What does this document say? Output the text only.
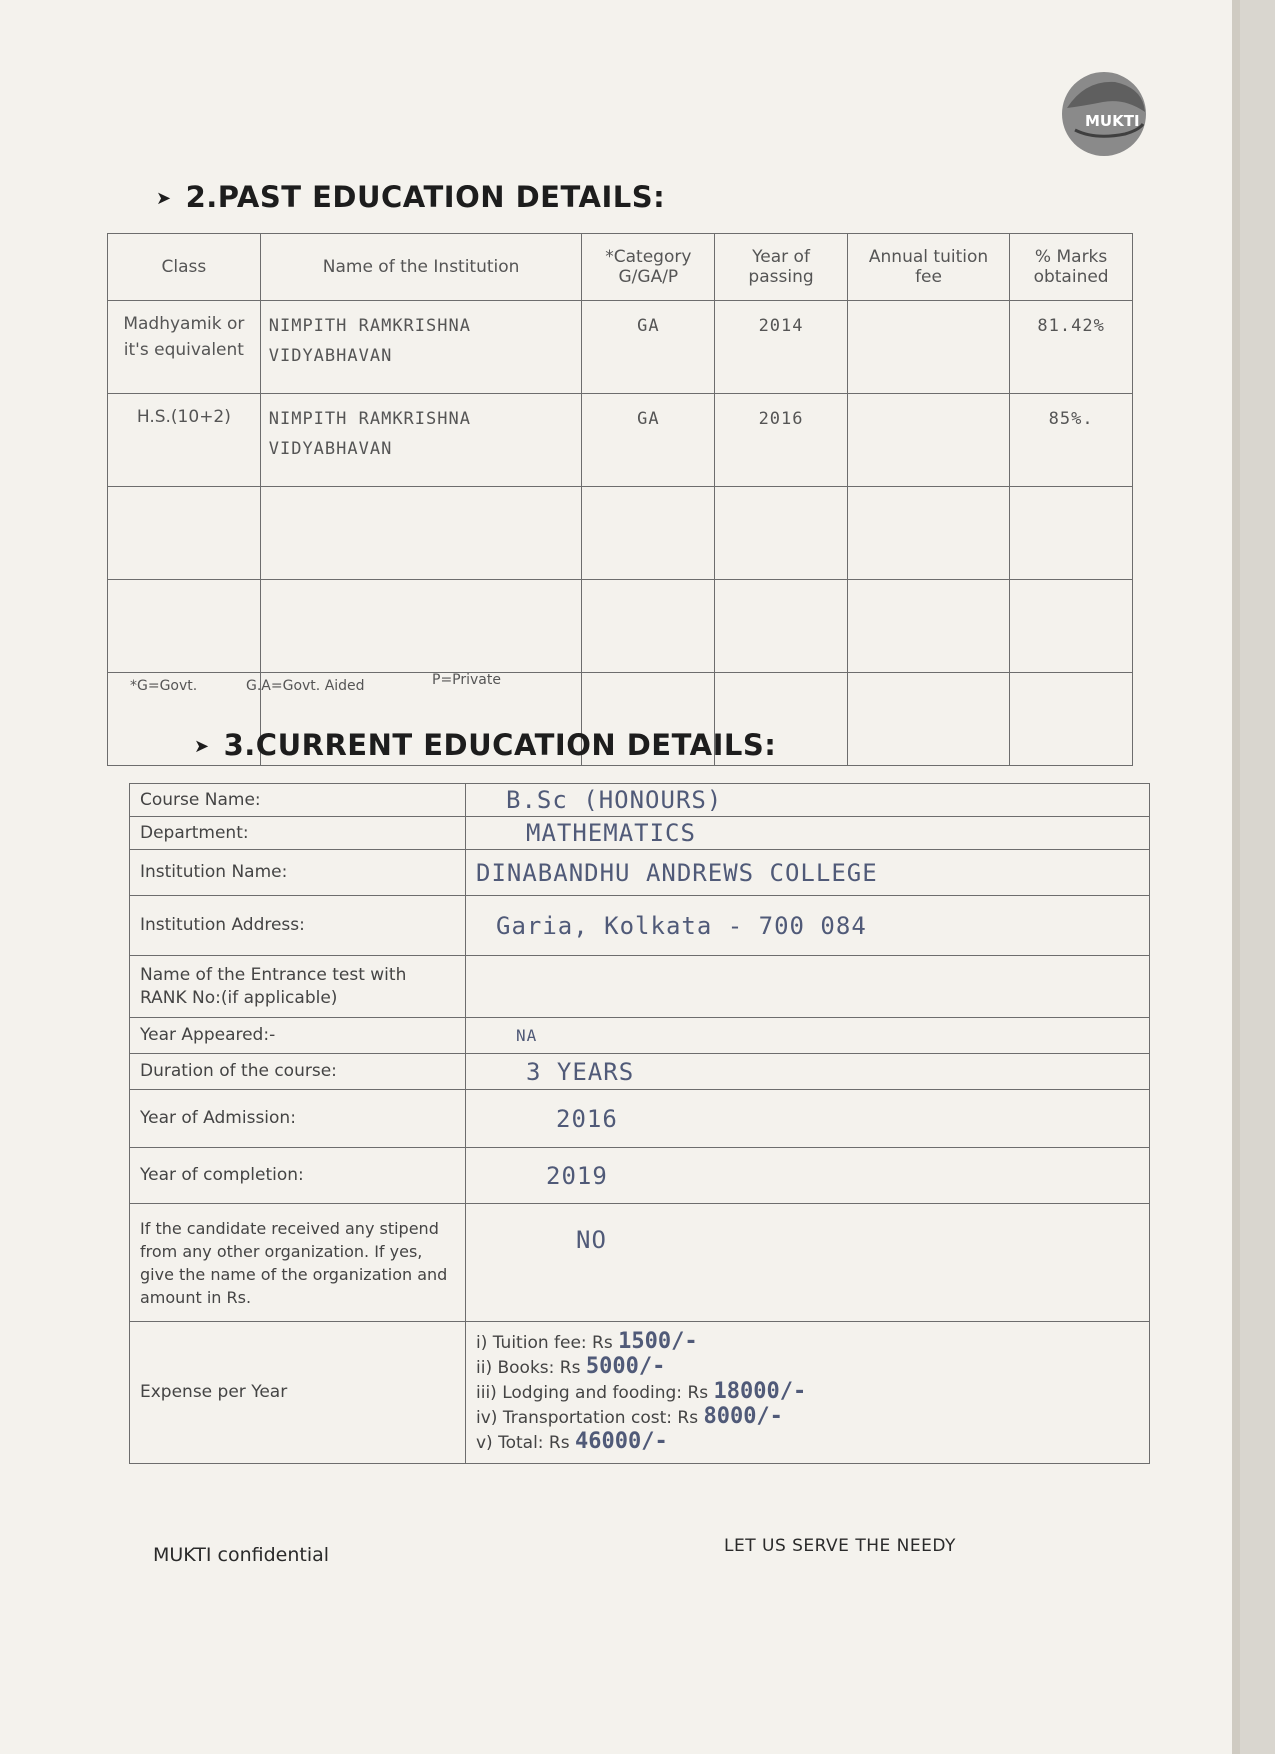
MUKTI
➤ 2.PAST EDUCATION DETAILS:
Class	Name of the Institution	*Category G/GA/P	Year of passing	Annual tuition fee	% Marks obtained
Madhyamik or it's equivalent	NIMPITH RAMKRISHNA VIDYABHAVAN	GA	2014		81.42%
H.S.(10+2)	NIMPITH RAMKRISHNA VIDYABHAVAN	GA	2016		85%.

*G=Govt.	G.A=Govt. Aided	P=Private
➤ 3.CURRENT EDUCATION DETAILS:
Course Name:	B.Sc (HONOURS)
Department:	MATHEMATICS
Institution Name:	DINABANDHU ANDREWS COLLEGE
Institution Address:	Garia, Kolkata - 700 084
Name of the Entrance test with RANK No:(if applicable)	
Year Appeared:-	NA
Duration of the course:	3 YEARS
Year of Admission:	2016
Year of completion:	2019
If the candidate received any stipend from any other organization. If yes, give the name of the organization and amount in Rs.	NO
Expense per Year	i) Tuition fee: Rs 1500/-
ii) Books: Rs 5000/-
iii) Lodging and fooding: Rs 18000/-
iv) Transportation cost: Rs 8000/-
v) Total: Rs 46000/-
MUKTI confidential	LET US SERVE THE NEEDY
